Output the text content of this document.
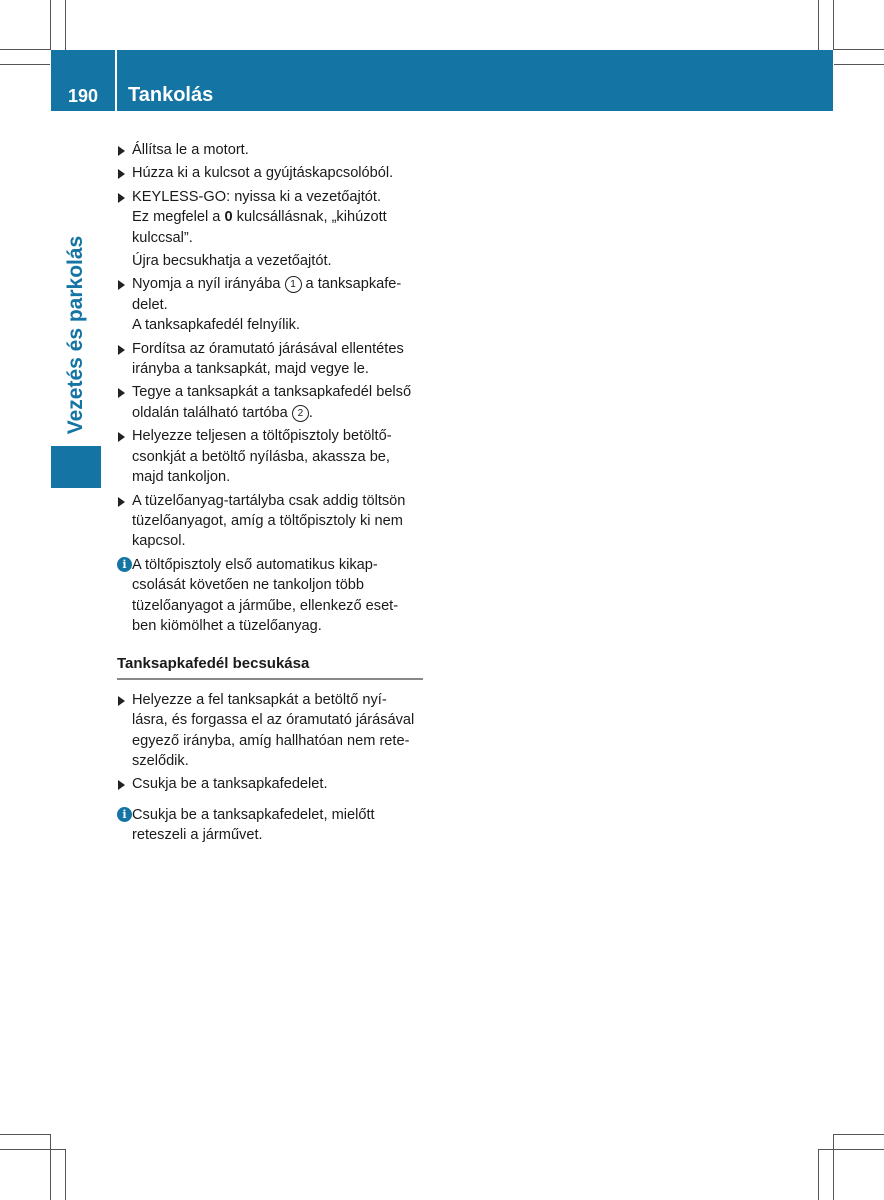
190	Tankolás
Vezetés és parkolás
Állítsa le a motort.
Húzza ki a kulcsot a gyújtáskapcsolóból.
KEYLESS-GO: nyissa ki a vezetőajtót.
Ez megfelel a 0 kulcsállásnak, „kihúzott
kulccsal”.
Újra becsukhatja a vezetőajtót.
Nyomja a nyíl irányába 1 a tanksapkafe-
delet.
A tanksapkafedél felnyílik.
Fordítsa az óramutató járásával ellentétes
irányba a tanksapkát, majd vegye le.
Tegye a tanksapkát a tanksapkafedél belső
oldalán található tartóba 2 .
Helyezze teljesen a töltőpisztoly betöltő-
csonkját a betöltő nyílásba, akassza be,
majd tankoljon.
A tüzelőanyag-tartályba csak addig töltsön
tüzelőanyagot, amíg a töltőpisztoly ki nem
kapcsol.
i A töltőpisztoly első automatikus kikap-
csolását követően ne tankoljon több
tüzelőanyagot a járműbe, ellenkező eset-
ben kiömölhet a tüzelőanyag.
Tanksapkafedél becsukása
Helyezze a fel tanksapkát a betöltő nyí-
lásra, és forgassa el az óramutató járásával
egyező irányba, amíg hallhatóan nem rete-
szelődik.
Csukja be a tanksapkafedelet.
i Csukja be a tanksapkafedelet, mielőtt
reteszeli a járművet.
